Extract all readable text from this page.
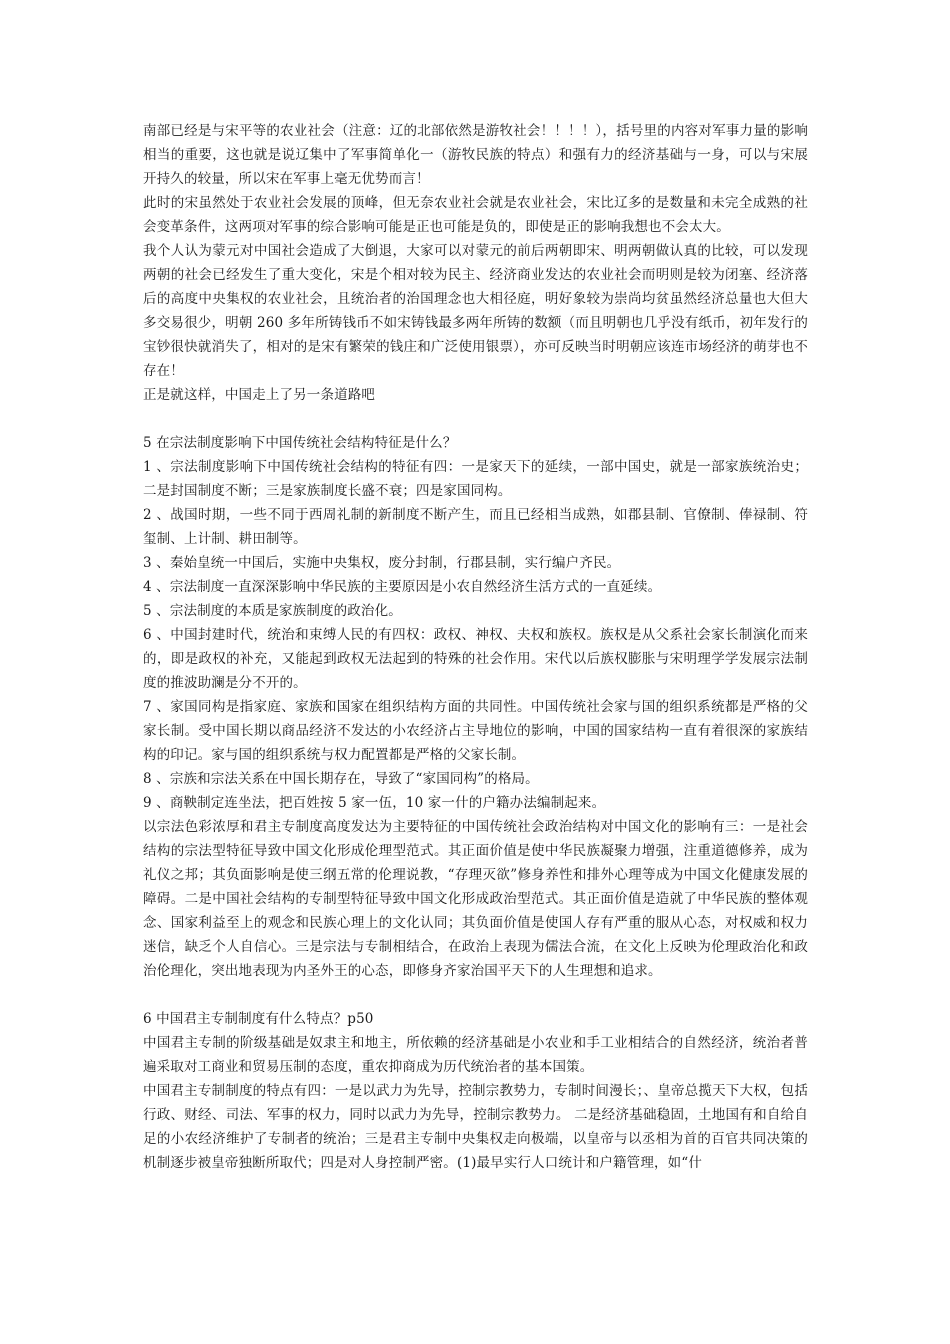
南部已经是与宋平等的农业社会（注意：辽的北部依然是游牧社会！！！！），括号里的内容对军事力量的影响相当的重要，这也就是说辽集中了军事简单化一（游牧民族的特点）和强有力的经济基础与一身，可以与宋展开持久的较量，所以宋在军事上毫无优势而言！

此时的宋虽然处于农业社会发展的顶峰，但无奈农业社会就是农业社会，宋比辽多的是数量和未完全成熟的社会变革条件，这两项对军事的综合影响可能是正也可能是负的，即使是正的影响我想也不会太大。

我个人认为蒙元对中国社会造成了大倒退，大家可以对蒙元的前后两朝即宋、明两朝做认真的比较，可以发现两朝的社会已经发生了重大变化，宋是个相对较为民主、经济商业发达的农业社会而明则是较为闭塞、经济落后的高度中央集权的农业社会，且统治者的治国理念也大相径庭，明好象较为崇尚均贫虽然经济总量也大但大多交易很少，明朝 260 多年所铸钱币不如宋铸钱最多两年所铸的数额（而且明朝也几乎没有纸币，初年发行的宝钞很快就消失了，相对的是宋有繁荣的钱庄和广泛使用银票），亦可反映当时明朝应该连市场经济的萌芽也不存在！

正是就这样，中国走上了另一条道路吧

5 在宗法制度影响下中国传统社会结构特征是什么？

1 、宗法制度影响下中国传统社会结构的特征有四：一是家天下的延续，一部中国史，就是一部家族统治史；二是封国制度不断；三是家族制度长盛不衰；四是家国同构。

2 、战国时期，一些不同于西周礼制的新制度不断产生，而且已经相当成熟，如郡县制、官僚制、俸禄制、符玺制、上计制、耕田制等。

3 、秦始皇统一中国后，实施中央集权，废分封制，行郡县制，实行编户齐民。

4 、宗法制度一直深深影响中华民族的主要原因是小农自然经济生活方式的一直延续。

5 、宗法制度的本质是家族制度的政治化。

6 、中国封建时代，统治和束缚人民的有四权：政权、神权、夫权和族权。族权是从父系社会家长制演化而来的，即是政权的补充，又能起到政权无法起到的特殊的社会作用。宋代以后族权膨胀与宋明理学学发展宗法制度的推波助澜是分不开的。

7 、家国同构是指家庭、家族和国家在组织结构方面的共同性。中国传统社会家与国的组织系统都是严格的父家长制。受中国长期以商品经济不发达的小农经济占主导地位的影响，中国的国家结构一直有着很深的家族结构的印记。家与国的组织系统与权力配置都是严格的父家长制。

8 、宗族和宗法关系在中国长期存在，导致了“家国同构”的格局。

9 、商鞅制定连坐法，把百姓按 5 家一伍，10 家一什的户籍办法编制起来。

以宗法色彩浓厚和君主专制度高度发达为主要特征的中国传统社会政治结构对中国文化的影响有三：一是社会结构的宗法型特征导致中国文化形成伦理型范式。其正面价值是使中华民族凝聚力增强，注重道德修养，成为礼仪之邦；其负面影响是使三纲五常的伦理说教，“存理灭欲”修身养性和排外心理等成为中国文化健康发展的障碍。二是中国社会结构的专制型特征导致中国文化形成政治型范式。其正面价值是造就了中华民族的整体观念、国家利益至上的观念和民族心理上的文化认同；其负面价值是使国人存有严重的服从心态，对权威和权力迷信，缺乏个人自信心。三是宗法与专制相结合，在政治上表现为儒法合流，在文化上反映为伦理政治化和政治伦理化，突出地表现为内圣外王的心态，即修身齐家治国平天下的人生理想和追求。

6 中国君主专制制度有什么特点？p50

中国君主专制的阶级基础是奴隶主和地主，所依赖的经济基础是小农业和手工业相结合的自然经济，统治者普遍采取对工商业和贸易压制的态度，重农抑商成为历代统治者的基本国策。

中国君主专制制度的特点有四：一是以武力为先导，控制宗教势力，专制时间漫长；、皇帝总揽天下大权，包括行政、财经、司法、军事的权力，同时以武力为先导，控制宗教势力。 二是经济基础稳固，土地国有和自给自足的小农经济维护了专制者的统治；三是君主专制中央集权走向极端，以皇帝与以丞相为首的百官共同决策的机制逐步被皇帝独断所取代；四是对人身控制严密。(1)最早实行人口统计和户籍管理，如“什
